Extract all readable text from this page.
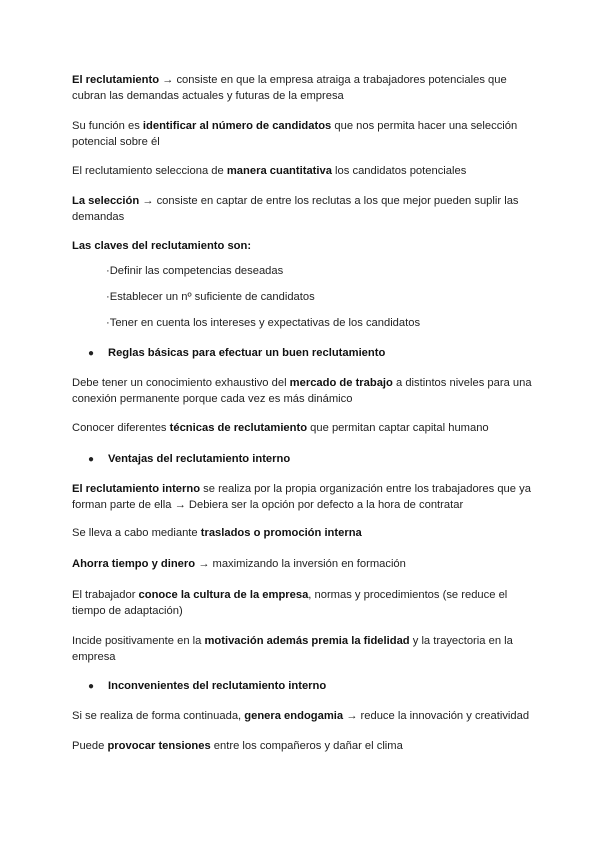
El reclutamiento → consiste en que la empresa atraiga a trabajadores potenciales que cubran las demandas actuales y futuras de la empresa

Su función es identificar al número de candidatos que nos permita hacer una selección potencial sobre él

El reclutamiento selecciona de manera cuantitativa los candidatos potenciales

La selección → consiste en captar de entre los reclutas a los que mejor pueden suplir las demandas

Las claves del reclutamiento son:

·Definir las competencias deseadas

·Establecer un nº suficiente de candidatos

·Tener en cuenta los intereses y expectativas de los candidatos

● Reglas básicas para efectuar un buen reclutamiento

Debe tener un conocimiento exhaustivo del mercado de trabajo a distintos niveles para una conexión permanente porque cada vez es más dinámico

Conocer diferentes técnicas de reclutamiento que permitan captar capital humano

● Ventajas del reclutamiento interno

El reclutamiento interno se realiza por la propia organización entre los trabajadores que ya forman parte de ella → Debiera ser la opción por defecto a la hora de contratar

Se lleva a cabo mediante traslados o promoción interna

Ahorra tiempo y dinero → maximizando la inversión en formación

El trabajador conoce la cultura de la empresa, normas y procedimientos (se reduce el tiempo de adaptación)

Incide positivamente en la motivación además premia la fidelidad y la trayectoria en la empresa

● Inconvenientes del reclutamiento interno

Si se realiza de forma continuada, genera endogamia → reduce la innovación y creatividad

Puede provocar tensiones entre los compañeros y dañar el clima
